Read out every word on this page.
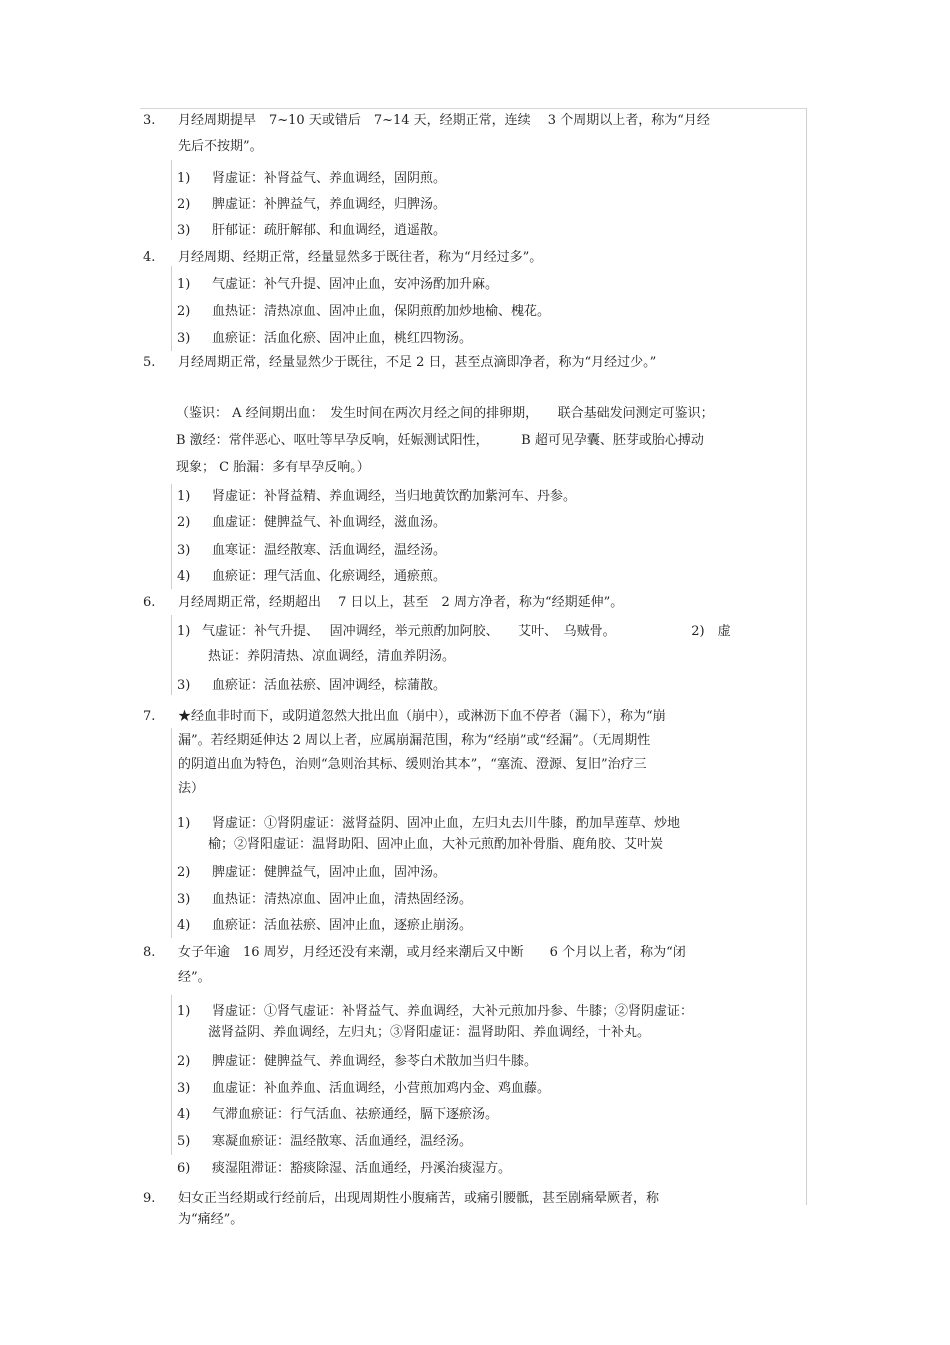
3. 月经周期提早　7~10 天或错后　7~14 天，经期正常，连续　 3 个周期以上者，称为“月经
先后不按期”。
1) 肾虚证：补肾益气、养血调经，固阴煎。
2) 脾虚证：补脾益气，养血调经，归脾汤。
3) 肝郁证：疏肝解郁、和血调经，逍遥散。
4. 月经周期、经期正常，经量显然多于既往者，称为“月经过多”。
1) 气虚证：补气升提、固冲止血，安冲汤酌加升麻。
2) 血热证：清热凉血、固冲止血，保阴煎酌加炒地榆、槐花。
3) 血瘀证：活血化瘀、固冲止血，桃红四物汤。
5. 月经周期正常，经量显然少于既往，不足 2 日，甚至点滴即净者，称为“月经过少。”
（鉴识： A 经间期出血：　发生时间在两次月经之间的排卵期，　　联合基础发问测定可鉴识；
B 激经：常伴恶心、呕吐等早孕反响，妊娠测试阳性，　　　B 超可见孕囊、胚芽或胎心搏动
现象； C 胎漏：多有早孕反响。）
1) 肾虚证：补肾益精、养血调经，当归地黄饮酌加紫河车、丹参。
2) 血虚证：健脾益气、补血调经，滋血汤。
3) 血寒证：温经散寒、活血调经，温经汤。
4) 血瘀证：理气活血、化瘀调经，通瘀煎。
6. 月经周期正常，经期超出　 7 日以上，甚至　2 周方净者，称为“经期延伸”。
1) 气虚证：补气升提、　 固冲调经，举元煎酌加阿胶、　　艾叶、　乌贼骨。　　　　　　 2)　虚
热证：养阴清热、凉血调经，清血养阴汤。
3) 血瘀证：活血祛瘀、固冲调经，棕蒲散。
7. ★经血非时而下，或阴道忽然大批出血（崩中），或淋沥下血不停者（漏下），称为“崩
漏”。若经期延伸达 2 周以上者，应属崩漏范围，称为“经崩”或“经漏”。（无周期性
的阴道出血为特色，治则“急则治其标、缓则治其本”，“塞流、澄源、复旧”治疗三
法）
1) 肾虚证：①肾阴虚证：滋肾益阴、固冲止血，左归丸去川牛膝，酌加旱莲草、炒地
榆；②肾阳虚证：温肾助阳、固冲止血，大补元煎酌加补骨脂、鹿角胶、艾叶炭
2) 脾虚证：健脾益气，固冲止血，固冲汤。
3) 血热证：清热凉血、固冲止血，清热固经汤。
4) 血瘀证：活血祛瘀、固冲止血，逐瘀止崩汤。
8. 女子年逾　16 周岁，月经还没有来潮，或月经来潮后又中断　　6 个月以上者，称为“闭
经”。
1) 肾虚证：①肾气虚证：补肾益气、养血调经，大补元煎加丹参、牛膝；②肾阴虚证：
滋肾益阴、养血调经，左归丸；③肾阳虚证：温肾助阳、养血调经，十补丸。
2) 脾虚证：健脾益气、养血调经，参苓白术散加当归牛膝。
3) 血虚证：补血养血、活血调经，小营煎加鸡内金、鸡血藤。
4) 气滞血瘀证：行气活血、祛瘀通经，膈下逐瘀汤。
5) 寒凝血瘀证：温经散寒、活血通经，温经汤。
6) 痰湿阻滞证：豁痰除湿、活血通经，丹溪治痰湿方。
9. 妇女正当经期或行经前后，出现周期性小腹痛苦，或痛引腰骶，甚至剧痛晕厥者，称
为“痛经”。
